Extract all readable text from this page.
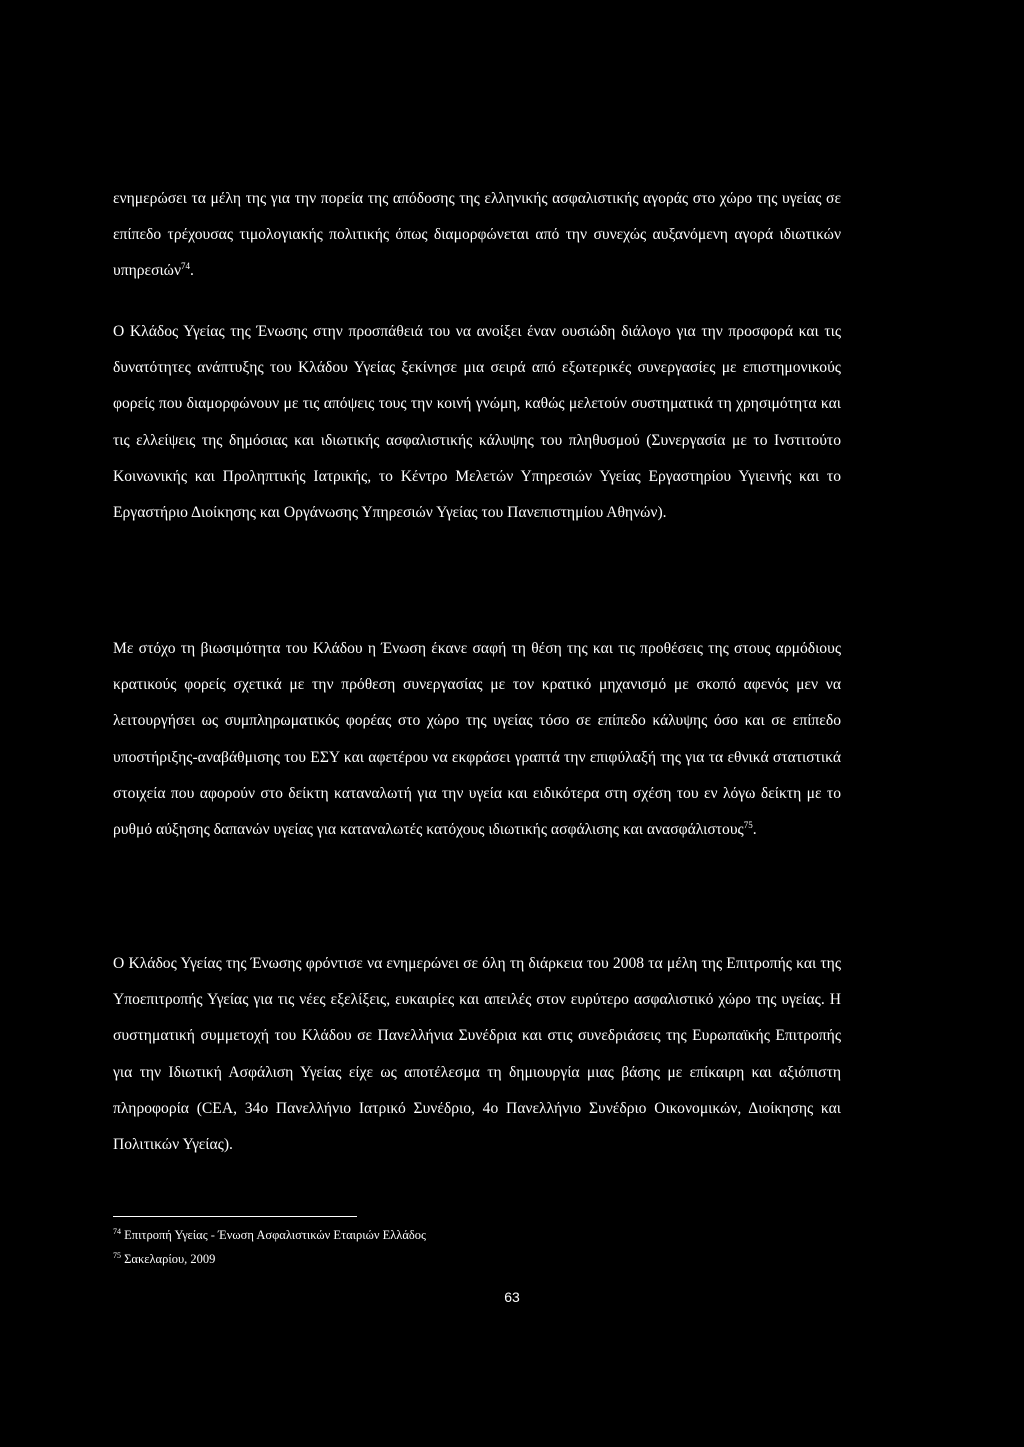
ενημερώσει τα μέλη της για την πορεία της απόδοσης της ελληνικής ασφαλιστικής αγοράς στο χώρο της υγείας σε επίπεδο τρέχουσας τιμολογιακής πολιτικής όπως διαμορφώνεται από την συνεχώς αυξανόμενη αγορά ιδιωτικών υπηρεσιών$^{74}$.

Ο Κλάδος Υγείας της Ένωσης στην προσπάθειά του να ανοίξει έναν ουσιώδη διάλογο για την προσφορά και τις δυνατότητες ανάπτυξης του Κλάδου Υγείας ξεκίνησε μια σειρά από εξωτερικές συνεργασίες με επιστημονικούς φορείς που διαμορφώνουν με τις απόψεις τους την κοινή γνώμη, καθώς μελετούν συστηματικά τη χρησιμότητα και τις ελλείψεις της δημόσιας και ιδιωτικής ασφαλιστικής κάλυψης του πληθυσμού (Συνεργασία με το Ινστιτούτο Κοινωνικής και Προληπτικής Ιατρικής, το Κέντρο Μελετών Υπηρεσιών Υγείας Εργαστηρίου Υγιεινής και το Εργαστήριο Διοίκησης και Οργάνωσης Υπηρεσιών Υγείας του Πανεπιστημίου Αθηνών).

Με στόχο τη βιωσιμότητα του Κλάδου η Ένωση έκανε σαφή τη θέση της και τις προθέσεις της στους αρμόδιους κρατικούς φορείς σχετικά με την πρόθεση συνεργασίας με τον κρατικό μηχανισμό με σκοπό αφενός μεν να λειτουργήσει ως συμπληρωματικός φορέας στο χώρο της υγείας τόσο σε επίπεδο κάλυψης όσο και σε επίπεδο υποστήριξης-αναβάθμισης του ΕΣΥ και αφετέρου να εκφράσει γραπτά την επιφύλαξή της για τα εθνικά στατιστικά στοιχεία που αφορούν στο δείκτη καταναλωτή για την υγεία και ειδικότερα στη σχέση του εν λόγω δείκτη με το ρυθμό αύξησης δαπανών υγείας για καταναλωτές κατόχους ιδιωτικής ασφάλισης και ανασφάλιστους$^{75}$.

Ο Κλάδος Υγείας της Ένωσης φρόντισε να ενημερώνει σε όλη τη διάρκεια του 2008 τα μέλη της Επιτροπής και της Υποεπιτροπής Υγείας για τις νέες εξελίξεις, ευκαιρίες και απειλές στον ευρύτερο ασφαλιστικό χώρο της υγείας. Η συστηματική συμμετοχή του Κλάδου σε Πανελλήνια Συνέδρια και στις συνεδριάσεις της Ευρωπαϊκής Επιτροπής για την Ιδιωτική Ασφάλιση Υγείας είχε ως αποτέλεσμα τη δημιουργία μιας βάσης με επίκαιρη και αξιόπιστη πληροφορία (CEA, 34ο Πανελλήνιο Ιατρικό Συνέδριο, 4ο Πανελλήνιο Συνέδριο Οικονομικών, Διοίκησης και Πολιτικών Υγείας).

$^{74}$ Επιτροπή Υγείας - Ένωση Ασφαλιστικών Εταιριών Ελλάδος

$^{75}$ Σακελαρίου, 2009

63
